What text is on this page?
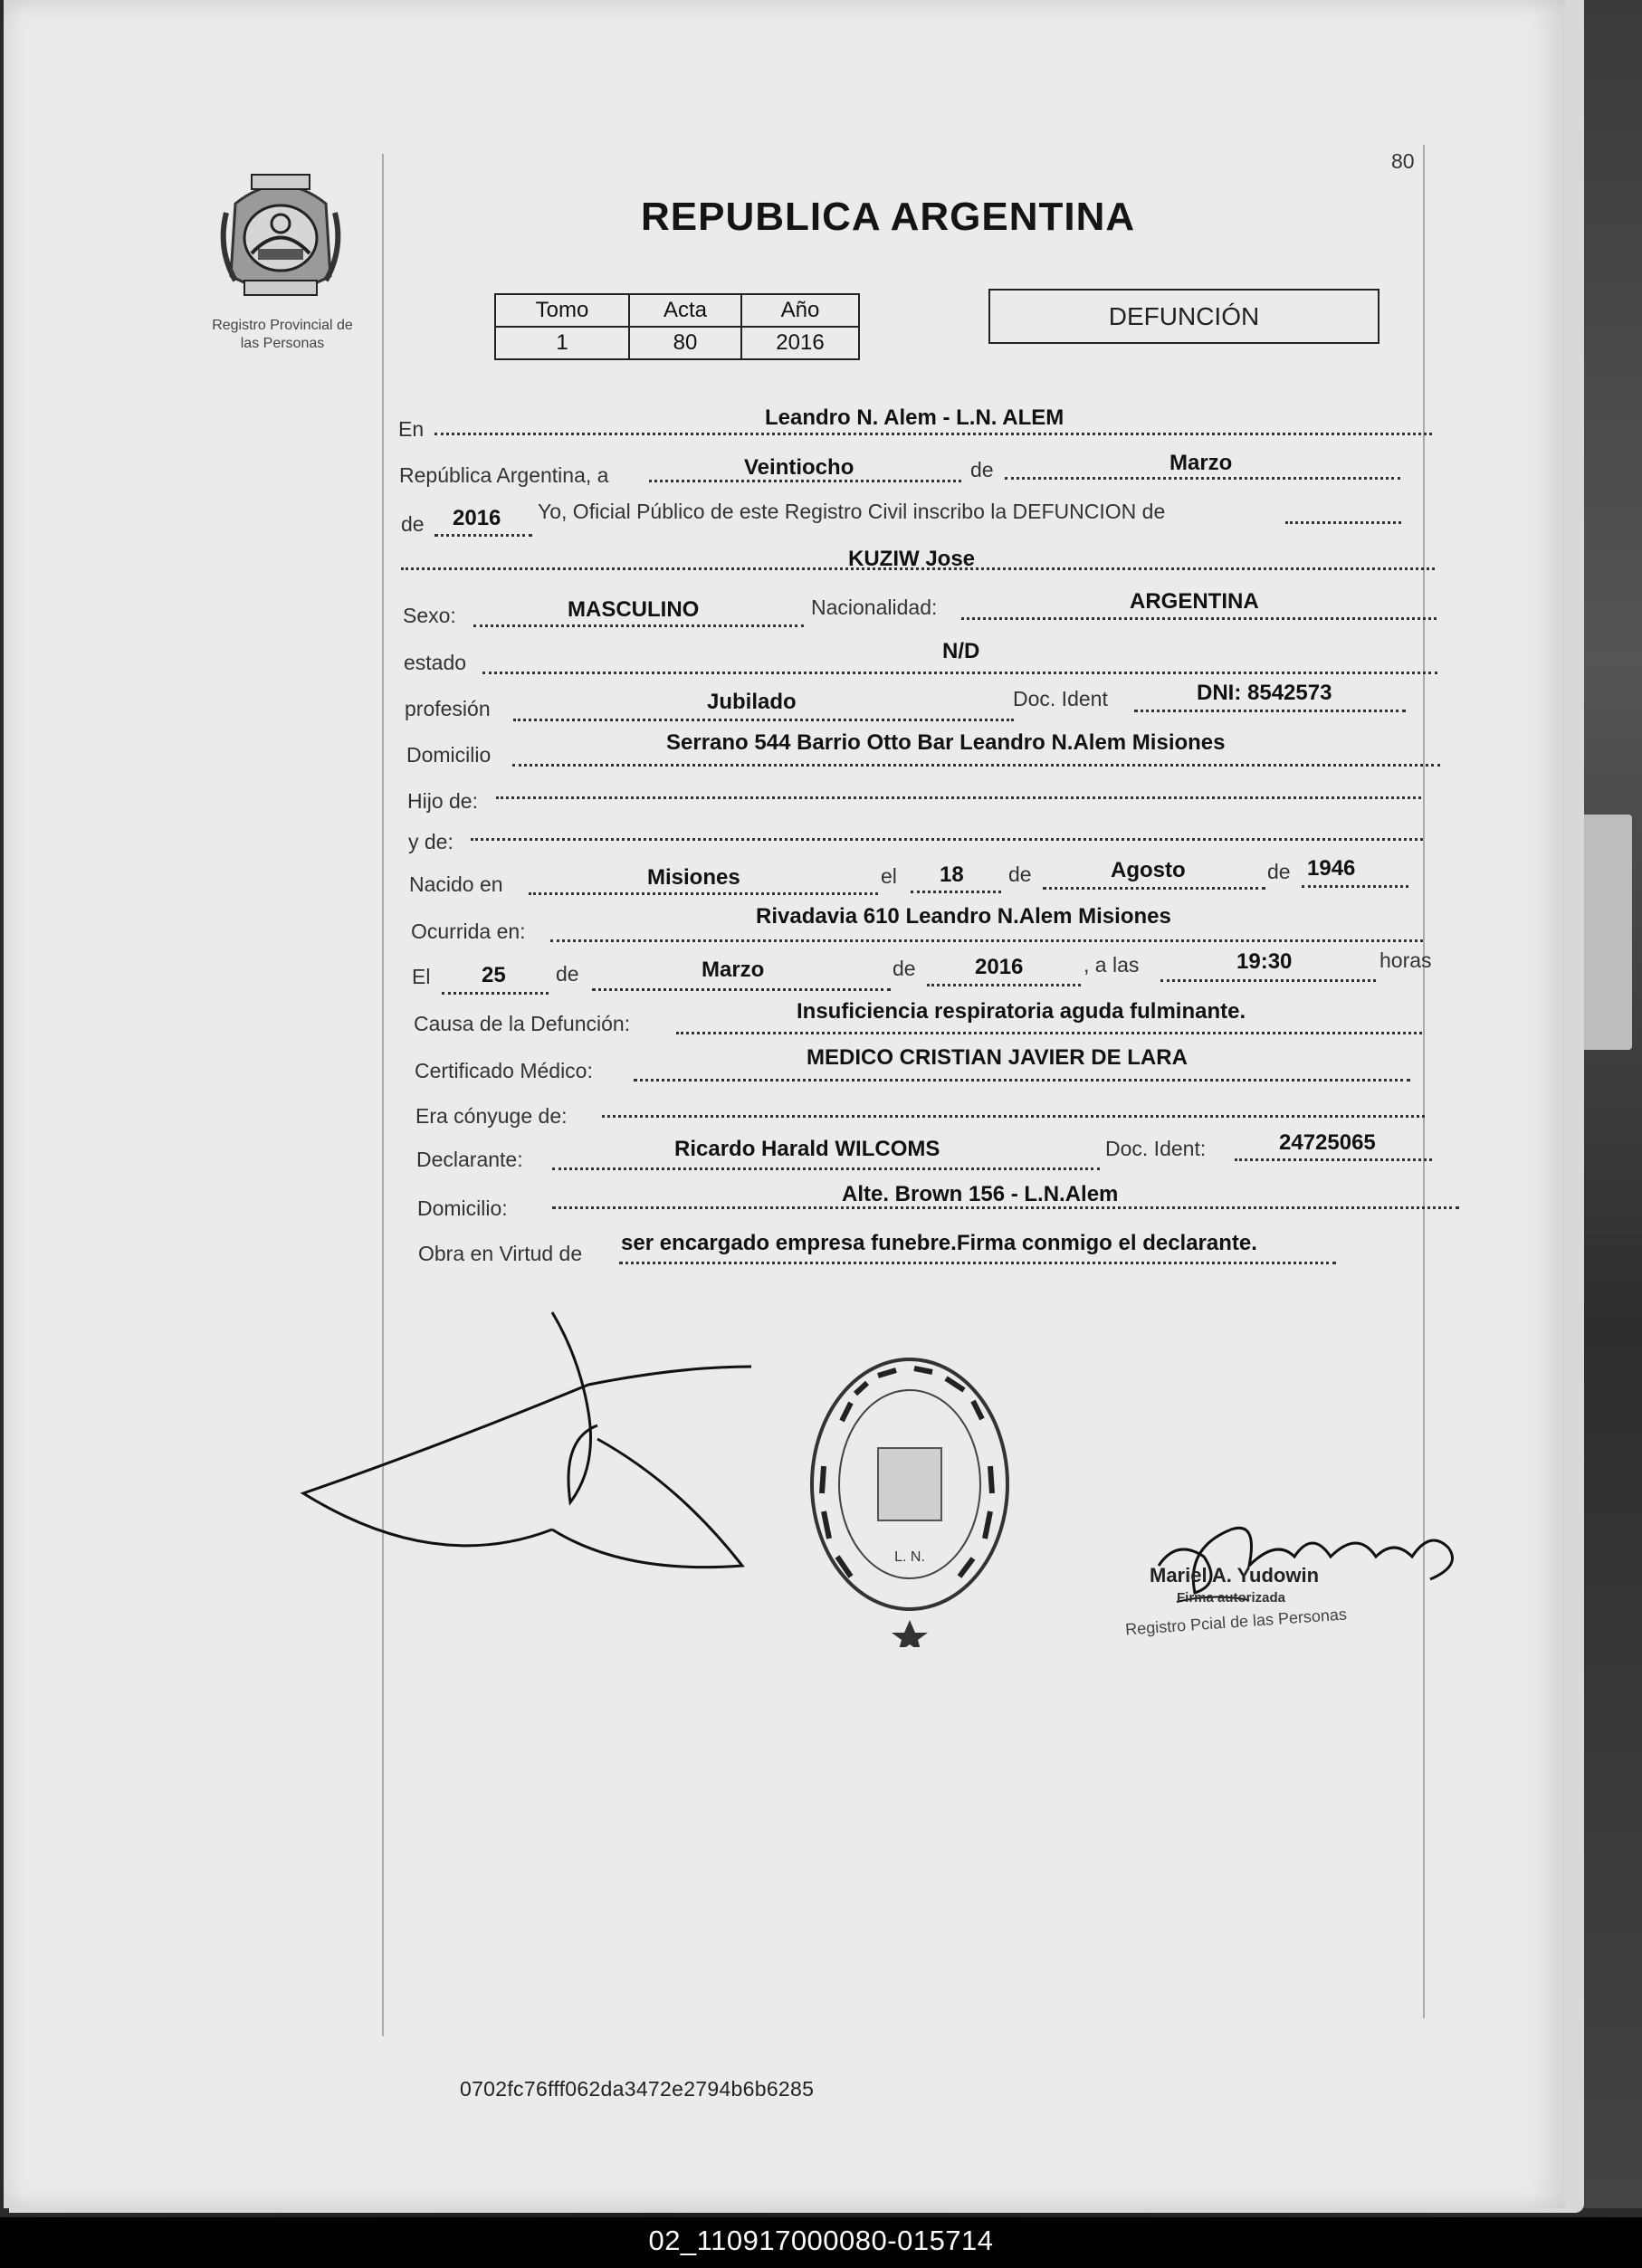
80
REPUBLICA ARGENTINA
Registro Provincial de
las Personas
Tomo	Acta	Año
1	80	2016
DEFUNCIÓN
En	Leandro N. Alem - L.N. ALEM
República Argentina, a	Veintiocho	de	Marzo
de 2016 Yo, Oficial Público de este Registro Civil inscribo la DEFUNCION de
KUZIW Jose
Sexo:	MASCULINO	Nacionalidad:	ARGENTINA
estado	N/D
profesión	Jubilado	Doc. Ident	DNI: 8542573
Domicilio	Serrano 544 Barrio Otto Bar Leandro N.Alem Misiones
Hijo de:
y de:
Nacido en	Misiones	el 18 de	Agosto	de 1946
Ocurrida en:
Rivadavia 610 Leandro N.Alem Misiones
El 25 de	Marzo	de	2016	, a las	19:30	horas
Causa de la Defunción:	Insuficiencia respiratoria aguda fulminante.
Certificado Médico:
MEDICO CRISTIAN JAVIER DE LARA
Era cónyuge de:
Declarante:	Ricardo Harald WILCOMS	Doc. Ident:	24725065
Domicilio:
Alte. Brown 156 - L.N.Alem
Obra en Virtud de ser encargado empresa funebre.Firma conmigo el declarante.
L. N.
Mariel A. Yudowin
Firma autorizada
Registro Pcial de las Personas
0702fc76fff062da3472e2794b6b6285
02_110917000080-015714
